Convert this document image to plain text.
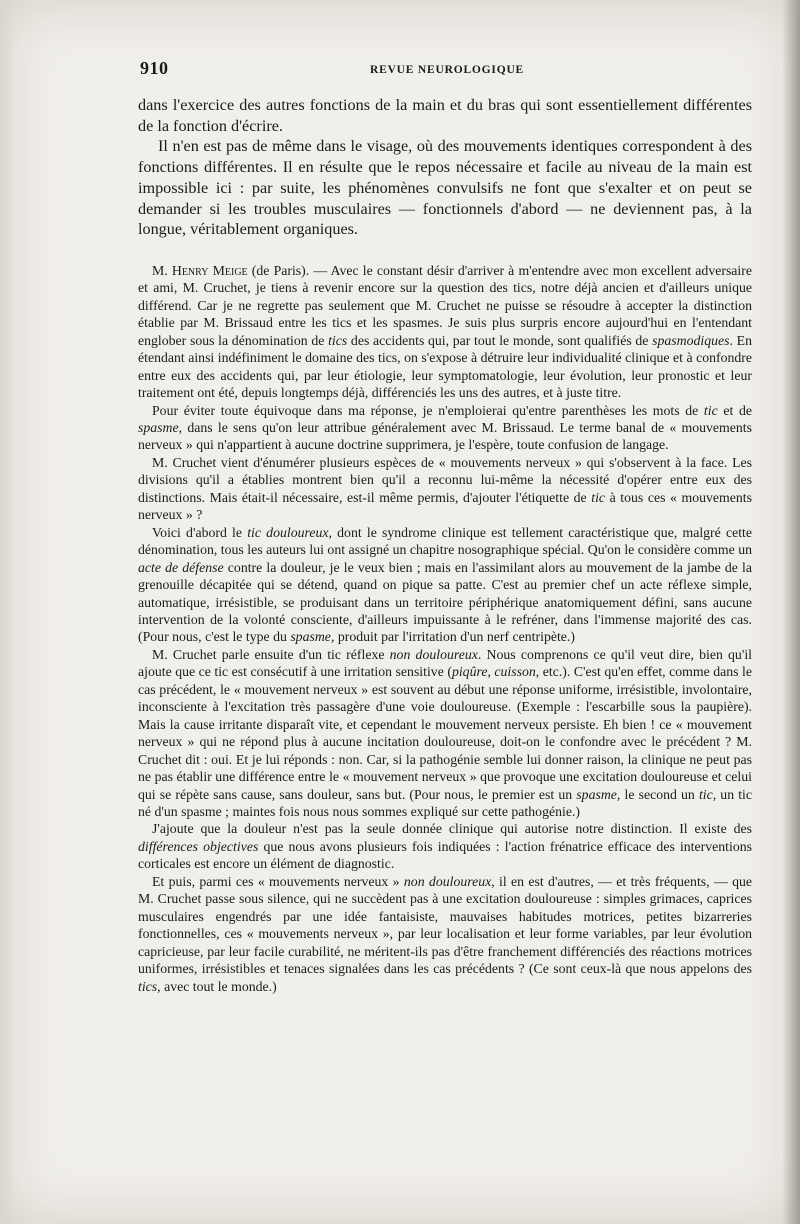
910	REVUE NEUROLOGIQUE

dans l'exercice des autres fonctions de la main et du bras qui sont essentiellement différentes de la fonction d'écrire.

Il n'en est pas de même dans le visage, où des mouvements identiques correspondent à des fonctions différentes. Il en résulte que le repos nécessaire et facile au niveau de la main est impossible ici : par suite, les phénomènes convulsifs ne font que s'exalter et on peut se demander si les troubles musculaires — fonctionnels d'abord — ne deviennent pas, à la longue, véritablement organiques.

M. Henry Meige (de Paris). — Avec le constant désir d'arriver à m'entendre avec mon excellent adversaire et ami, M. Cruchet, je tiens à revenir encore sur la question des tics, notre déjà ancien et d'ailleurs unique différend. Car je ne regrette pas seulement que M. Cruchet ne puisse se résoudre à accepter la distinction établie par M. Brissaud entre les tics et les spasmes. Je suis plus surpris encore aujourd'hui en l'entendant englober sous la dénomination de tics des accidents qui, par tout le monde, sont qualifiés de spasmodiques. En étendant ainsi indéfiniment le domaine des tics, on s'expose à détruire leur individualité clinique et à confondre entre eux des accidents qui, par leur étiologie, leur symptomatologie, leur évolution, leur pronostic et leur traitement ont été, depuis longtemps déjà, différenciés les uns des autres, et à juste titre.

Pour éviter toute équivoque dans ma réponse, je n'emploierai qu'entre parenthèses les mots de tic et de spasme, dans le sens qu'on leur attribue généralement avec M. Brissaud. Le terme banal de « mouvements nerveux » qui n'appartient à aucune doctrine supprimera, je l'espère, toute confusion de langage.

M. Cruchet vient d'énumérer plusieurs espèces de « mouvements nerveux » qui s'observent à la face. Les divisions qu'il a établies montrent bien qu'il a reconnu lui-même la nécessité d'opérer entre eux des distinctions. Mais était-il nécessaire, est-il même permis, d'ajouter l'étiquette de tic à tous ces « mouvements nerveux » ?

Voici d'abord le tic douloureux, dont le syndrome clinique est tellement caractéristique que, malgré cette dénomination, tous les auteurs lui ont assigné un chapitre nosographique spécial. Qu'on le considère comme un acte de défense contre la douleur, je le veux bien ; mais en l'assimilant alors au mouvement de la jambe de la grenouille décapitée qui se détend, quand on pique sa patte. C'est au premier chef un acte réflexe simple, automatique, irrésistible, se produisant dans un territoire périphérique anatomiquement défini, sans aucune intervention de la volonté consciente, d'ailleurs impuissante à le refréner, dans l'immense majorité des cas. (Pour nous, c'est le type du spasme, produit par l'irritation d'un nerf centripète.)

M. Cruchet parle ensuite d'un tic réflexe non douloureux. Nous comprenons ce qu'il veut dire, bien qu'il ajoute que ce tic est consécutif à une irritation sensitive (piqûre, cuisson, etc.). C'est qu'en effet, comme dans le cas précédent, le « mouvement nerveux » est souvent au début une réponse uniforme, irrésistible, involontaire, inconsciente à l'excitation très passagère d'une voie douloureuse. (Exemple : l'escarbille sous la paupière). Mais la cause irritante disparaît vite, et cependant le mouvement nerveux persiste. Eh bien ! ce « mouvement nerveux » qui ne répond plus à aucune incitation douloureuse, doit-on le confondre avec le précédent ? M. Cruchet dit : oui. Et je lui réponds : non. Car, si la pathogénie semble lui donner raison, la clinique ne peut pas ne pas établir une différence entre le « mouvement nerveux » que provoque une excitation douloureuse et celui qui se répète sans cause, sans douleur, sans but. (Pour nous, le premier est un spasme, le second un tic, un tic né d'un spasme ; maintes fois nous nous sommes expliqué sur cette pathogénie.)

J'ajoute que la douleur n'est pas la seule donnée clinique qui autorise notre distinction. Il existe des différences objectives que nous avons plusieurs fois indiquées : l'action frénatrice efficace des interventions corticales est encore un élément de diagnostic.

Et puis, parmi ces « mouvements nerveux » non douloureux, il en est d'autres, — et très fréquents, — que M. Cruchet passe sous silence, qui ne succèdent pas à une excitation douloureuse : simples grimaces, caprices musculaires engendrés par une idée fantaisiste, mauvaises habitudes motrices, petites bizarreries fonctionnelles, ces « mouvements nerveux », par leur localisation et leur forme variables, par leur évolution capricieuse, par leur facile curabilité, ne méritent-ils pas d'être franchement différenciés des réactions motrices uniformes, irrésistibles et tenaces signalées dans les cas précédents ? (Ce sont ceux-là que nous appelons des tics, avec tout le monde.)
